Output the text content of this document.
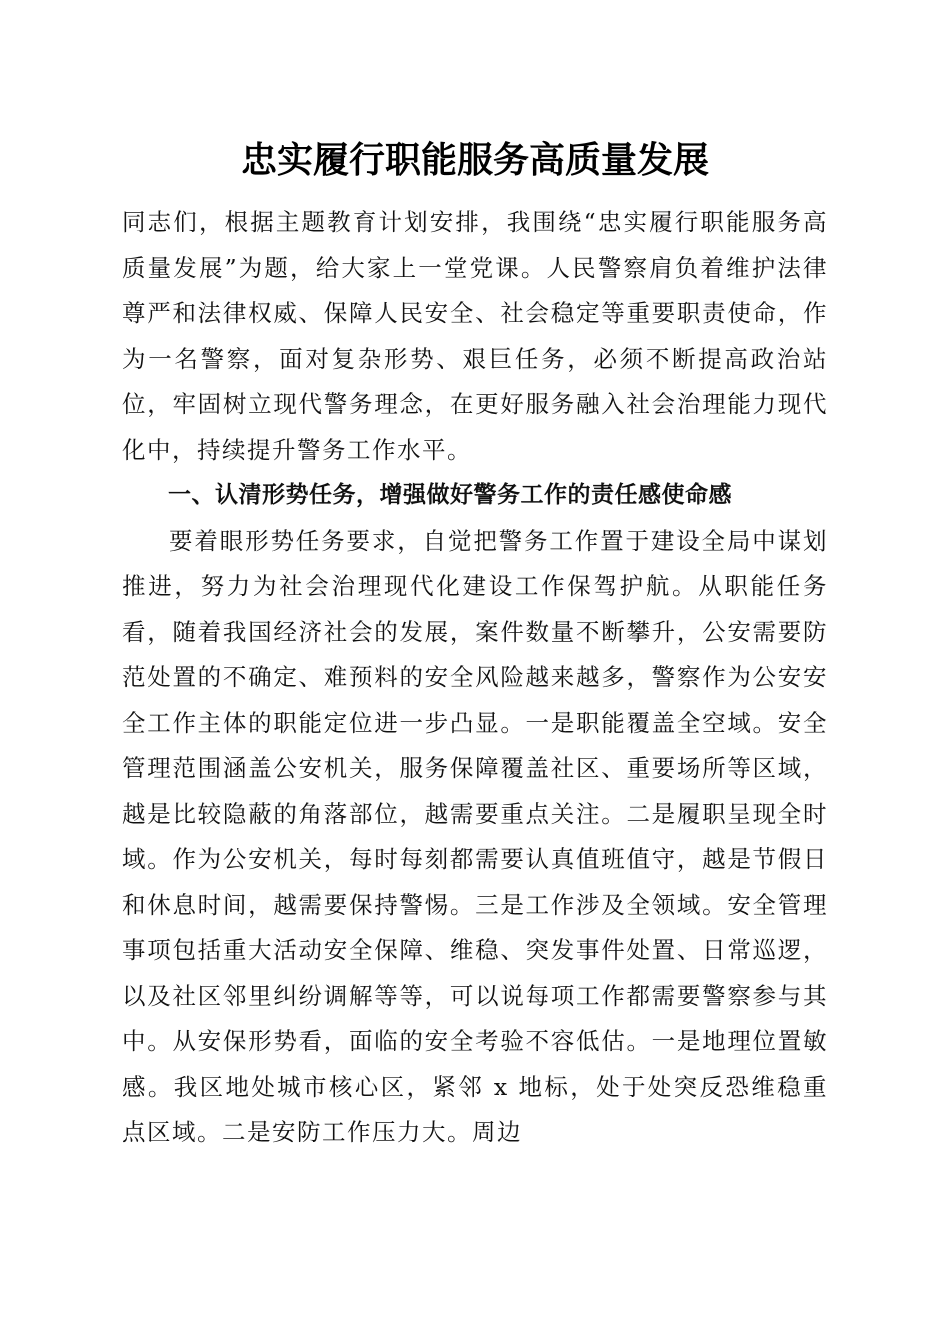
忠实履行职能服务高质量发展

同志们，根据主题教育计划安排，我围绕“忠实履行职能服务高质量发展”为题，给大家上一堂党课。人民警察肩负着维护法律尊严和法律权威、保障人民安全、社会稳定等重要职责使命，作为一名警察，面对复杂形势、艰巨任务，必须不断提高政治站位，牢固树立现代警务理念，在更好服务融入社会治理能力现代化中，持续提升警务工作水平。

一、认清形势任务，增强做好警务工作的责任感使命感

要着眼形势任务要求，自觉把警务工作置于建设全局中谋划推进，努力为社会治理现代化建设工作保驾护航。从职能任务看，随着我国经济社会的发展，案件数量不断攀升，公安需要防范处置的不确定、难预料的安全风险越来越多，警察作为公安安全工作主体的职能定位进一步凸显。一是职能覆盖全空域。安全管理范围涵盖公安机关，服务保障覆盖社区、重要场所等区域，越是比较隐蔽的角落部位，越需要重点关注。二是履职呈现全时域。作为公安机关，每时每刻都需要认真值班值守，越是节假日和休息时间，越需要保持警惕。三是工作涉及全领域。安全管理事项包括重大活动安全保障、维稳、突发事件处置、日常巡逻，以及社区邻里纠纷调解等等，可以说每项工作都需要警察参与其中。从安保形势看，面临的安全考验不容低估。一是地理位置敏感。我区地处城市核心区，紧邻 x 地标，处于处突反恐维稳重点区域。二是安防工作压力大。周边
